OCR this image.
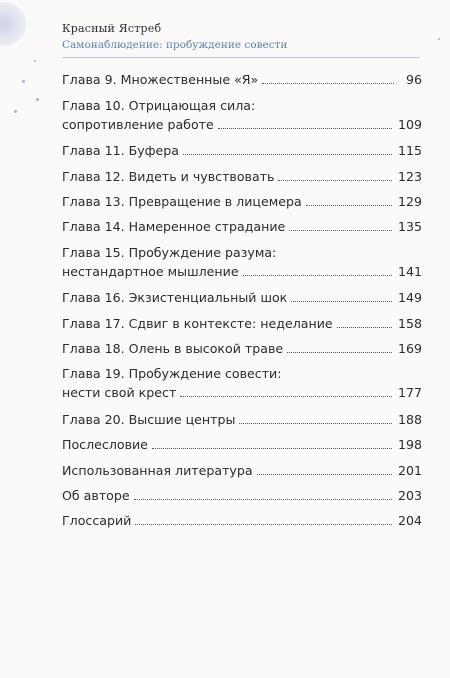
Красный Ястреб
Самонаблюдение: пробуждение совести
Глава 9. Множественные «Я»	96
Глава 10. Отрицающая сила:
сопротивление работе	109
Глава 11. Буфера	115
Глава 12. Видеть и чувствовать	123
Глава 13. Превращение в лицемера	129
Глава 14. Намеренное страдание	135
Глава 15. Пробуждение разума:
нестандартное мышление	141
Глава 16. Экзистенциальный шок	149
Глава 17. Сдвиг в контексте: неделание	158
Глава 18. Олень в высокой траве	169
Глава 19. Пробуждение совести:
нести свой крест	177
Глава 20. Высшие центры	188
Послесловие	198
Использованная литература	201
Об авторе	203
Глоссарий	204
